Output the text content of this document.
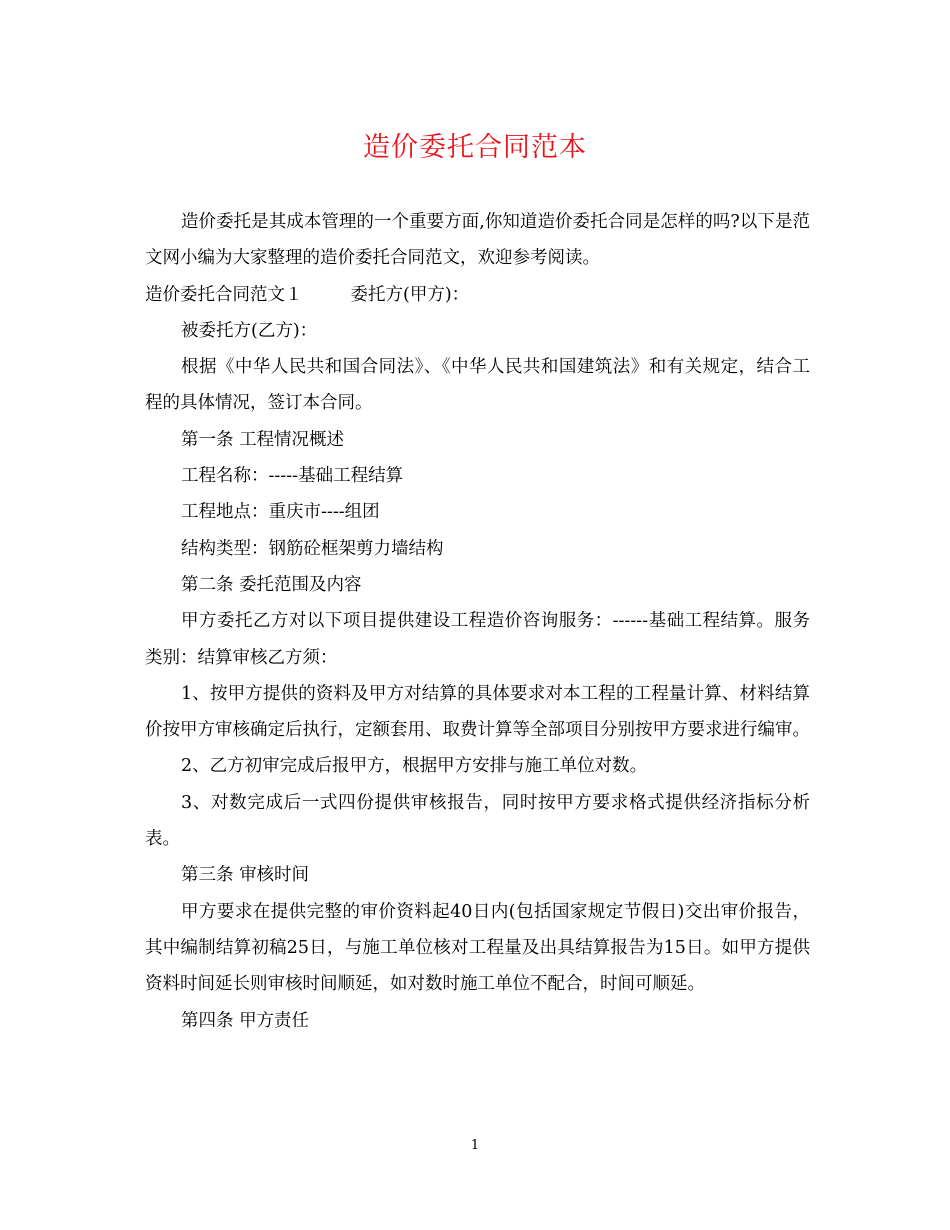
造价委托合同范本

造价委托是其成本管理的一个重要方面,你知道造价委托合同是怎样的吗?以下是范文网小编为大家整理的造价委托合同范文，欢迎参考阅读。

造价委托合同范文１	委托方(甲方)：

被委托方(乙方)：

根据《中华人民共和国合同法》、《中华人民共和国建筑法》和有关规定，结合工程的具体情况，签订本合同。

第一条 工程情况概述

工程名称：-----基础工程结算

工程地点：重庆市----组团

结构类型：钢筋砼框架剪力墙结构

第二条 委托范围及内容

甲方委托乙方对以下项目提供建设工程造价咨询服务：------基础工程结算。服务类别：结算审核乙方须：

1、按甲方提供的资料及甲方对结算的具体要求对本工程的工程量计算、材料结算价按甲方审核确定后执行，定额套用、取费计算等全部项目分别按甲方要求进行编审。

2、乙方初审完成后报甲方，根据甲方安排与施工单位对数。

3、对数完成后一式四份提供审核报告，同时按甲方要求格式提供经济指标分析表。

第三条 审核时间

甲方要求在提供完整的审价资料起40日内(包括国家规定节假日)交出审价报告，其中编制结算初稿25日，与施工单位核对工程量及出具结算报告为15日。如甲方提供资料时间延长则审核时间顺延，如对数时施工单位不配合，时间可顺延。

第四条 甲方责任

1
